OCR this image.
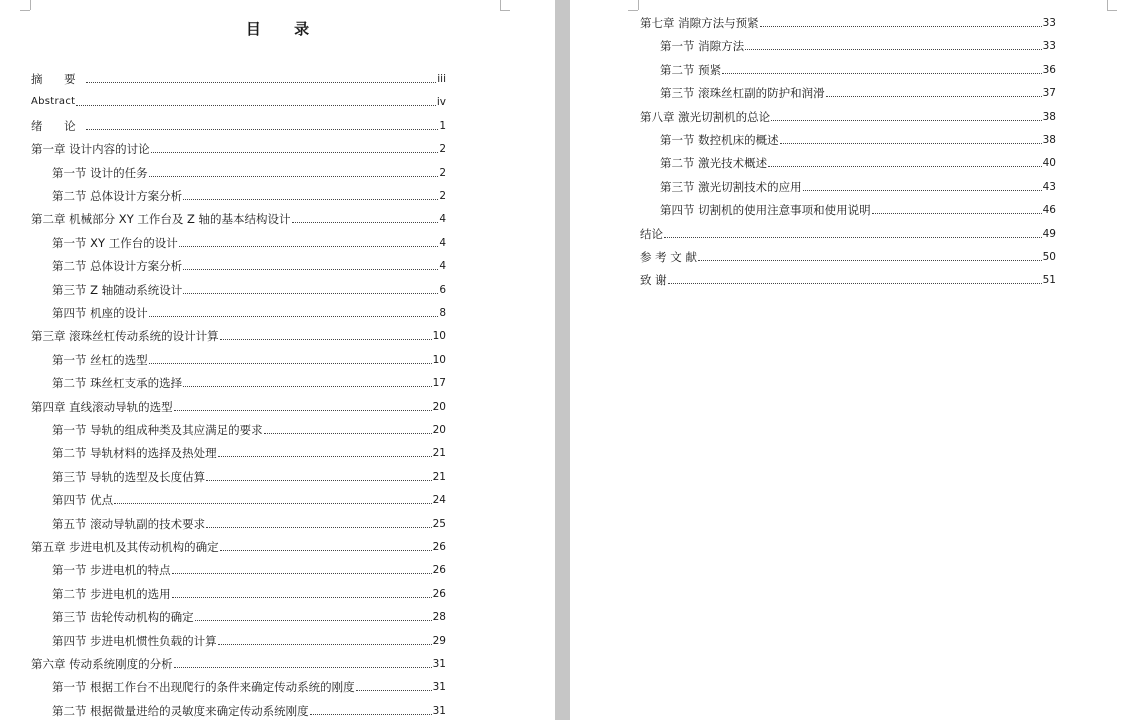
目 录
摘 要	iii
Abstract	iv
绪 论	1
第一章 设计内容的讨论	2
第一节 设计的任务	2
第二节 总体设计方案分析	2
第二章 机械部分 XY 工作台及 Z 轴的基本结构设计	4
第一节 XY 工作台的设计	4
第二节 总体设计方案分析	4
第三节 Z 轴随动系统设计	6
第四节 机座的设计	8
第三章 滚珠丝杠传动系统的设计计算	10
第一节 丝杠的选型	10
第二节 珠丝杠支承的选择	17
第四章 直线滚动导轨的选型	20
第一节 导轨的组成种类及其应满足的要求	20
第二节 导轨材料的选择及热处理	21
第三节 导轨的选型及长度估算	21
第四节 优点	24
第五节 滚动导轨副的技术要求	25
第五章 步进电机及其传动机构的确定	26
第一节 步进电机的特点	26
第二节 步进电机的选用	26
第三节 齿轮传动机构的确定	28
第四节 步进电机惯性负载的计算	29
第六章 传动系统刚度的分析	31
第一节 根据工作台不出现爬行的条件来确定传动系统的刚度	31
第二节 根据微量进给的灵敏度来确定传动系统刚度	31
第七章 消隙方法与预紧	33
第一节 消隙方法	33
第二节 预紧	36
第三节 滚珠丝杠副的防护和润滑	37
第八章 激光切割机的总论	38
第一节 数控机床的概述	38
第二节 激光技术概述	40
第三节 激光切割技术的应用	43
第四节 切割机的使用注意事项和使用说明	46
结论	49
参 考 文 献	50
致 谢	51
